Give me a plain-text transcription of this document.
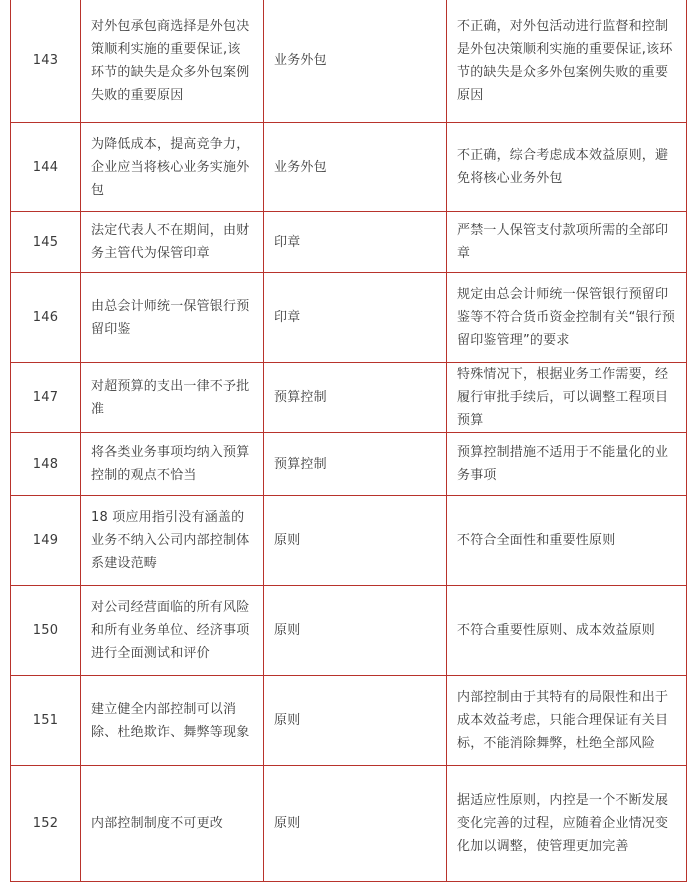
143	对外包承包商选择是外包决策顺利实施的重要保证,该环节的缺失是众多外包案例失败的重要原因	业务外包	不正确，对外包活动进行监督和控制是外包决策顺利实施的重要保证,该环节的缺失是众多外包案例失败的重要原因
144	为降低成本，提高竞争力，企业应当将核心业务实施外包	业务外包	不正确，综合考虑成本效益原则，避免将核心业务外包
145	法定代表人不在期间，由财务主管代为保管印章	印章	严禁一人保管支付款项所需的全部印章
146	由总会计师统一保管银行预留印鉴	印章	规定由总会计师统一保管银行预留印鉴等不符合货币资金控制有关“银行预留印鉴管理”的要求
147	对超预算的支出一律不予批准	预算控制	特殊情况下，根据业务工作需要，经履行审批手续后，可以调整工程项目预算
148	将各类业务事项均纳入预算控制的观点不恰当	预算控制	预算控制措施不适用于不能量化的业务事项
149	18 项应用指引没有涵盖的业务不纳入公司内部控制体系建设范畴	原则	不符合全面性和重要性原则
150	对公司经营面临的所有风险和所有业务单位、经济事项进行全面测试和评价	原则	不符合重要性原则、成本效益原则
151	建立健全内部控制可以消除、杜绝欺诈、舞弊等现象	原则	内部控制由于其特有的局限性和出于成本效益考虑，只能合理保证有关目标，不能消除舞弊，杜绝全部风险
152	内部控制制度不可更改	原则	据适应性原则，内控是一个不断发展变化完善的过程，应随着企业情况变化加以调整，使管理更加完善
